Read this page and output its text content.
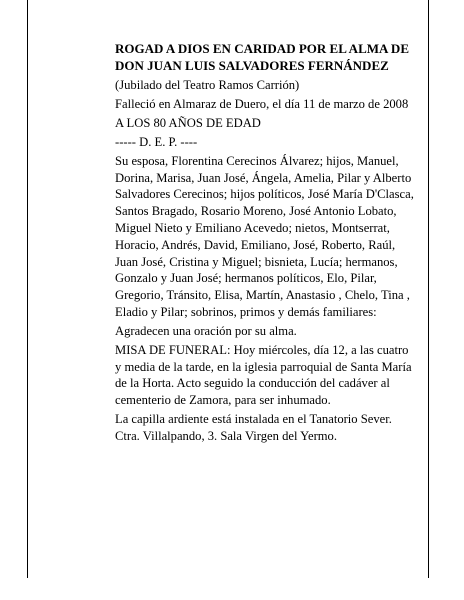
ROGAD A DIOS EN CARIDAD POR EL ALMA DE
DON JUAN LUIS SALVADORES FERNÁNDEZ

(Jubilado del Teatro Ramos Carrión)

Falleció en Almaraz de Duero, el día 11 de marzo de 2008

A LOS 80 AÑOS DE EDAD

----- D. E. P. ----

Su esposa, Florentina Cerecinos Álvarez; hijos, Manuel, Dorina, Marisa, Juan José, Ángela, Amelia, Pilar y Alberto Salvadores Cerecinos; hijos políticos, José María D'Clasca, Santos Bragado, Rosario Moreno, José Antonio Lobato, Miguel Nieto y Emiliano Acevedo; nietos, Montserrat, Horacio, Andrés, David, Emiliano, José, Roberto, Raúl, Juan José, Cristina y Miguel; bisnieta, Lucía; hermanos, Gonzalo y Juan José; hermanos políticos, Elo, Pilar, Gregorio, Tránsito, Elisa, Martín, Anastasio , Chelo, Tina , Eladio y Pilar; sobrinos, primos y demás familiares:

Agradecen una oración por su alma.

MISA DE FUNERAL: Hoy miércoles, día 12, a las cuatro y media de la tarde, en la iglesia parroquial de Santa María de la Horta. Acto seguido la conducción del cadáver al cementerio de Zamora, para ser inhumado.

La capilla ardiente está instalada en el Tanatorio Sever. Ctra. Villalpando, 3. Sala Virgen del Yermo.
